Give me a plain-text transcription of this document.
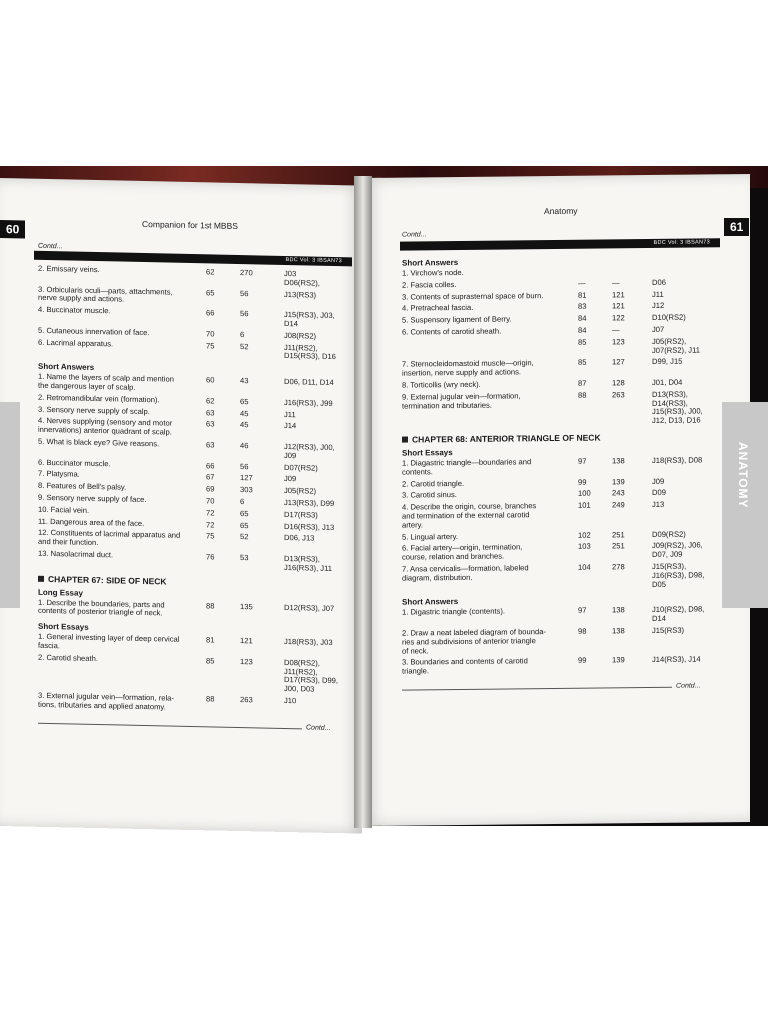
60	Companion for 1st MBBS
Contd...
BDC Vol: 3 IBSAN73
2. Emissary veins.	62	270	J03
D06(RS2),
3. Orbicularis oculi—parts, attachments,
nerve supply and actions.
65	56	J13(RS3)
4. Buccinator muscle.	66	56	J15(RS3), J03,
D14
5. Cutaneous innervation of face.	70	6	J08(RS2)
6. Lacrimal apparatus.	75	52	J11(RS2),
D15(RS3), D16
Short Answers
1. Name the layers of scalp and mention
the dangerous layer of scalp.
60	43	D06, D11, D14
2. Retromandibular vein (formation).	62	65	J16(RS3), J99
3. Sensory nerve supply of scalp.	63	45	J11
4. Nerves supplying (sensory and motor
innervations) anterior quadrant of scalp.
63	45	J14
5. What is black eye? Give reasons.	63	46	J12(RS3), J00,
J09
6. Buccinator muscle.	66	56	D07(RS2)
7. Platysma.	67	127	J09
8. Features of Bell's palsy.	69	303	J05(RS2)
9. Sensory nerve supply of face.	70	6	J13(RS3), D99
10. Facial vein.	72	65	D17(RS3)
11. Dangerous area of the face.	72	65	D16(RS3), J13
12. Constituents of lacrimal apparatus and
and their function.
75	52	D06, J13
13. Nasolacrimal duct.	76	53	D13(RS3),
J16(RS3), J11
CHAPTER 67: SIDE OF NECK
Long Essay
1. Describe the boundaries, parts and
contents of posterior triangle of neck.
88	135	D12(RS3), J07
Short Essays
1. General investing layer of deep cervical
fascia.
81	121	J18(RS3), J03
2. Carotid sheath.	85	123	D08(RS2),
J11(RS2),
D17(RS3), D99,
J00, D03
3. External jugular vein—formation, rela-
tions, tributaries and applied anatomy.
88	263	J10
Contd...
Anatomy
Contd...
BDC Vol: 3 IBSAN73
Short Answers
1. Virchow's node.
2. Fascia colles.	—	—	D06
3. Contents of suprasternal space of burn.	81	121	J11
4. Pretracheal fascia.	83	121	J12
5. Suspensory ligament of Berry.	84	122	D10(RS2)
6. Contents of carotid sheath.	84	—	J07
85	123	J05(RS2),
J07(RS2), J11
7. Sternocleidomastoid muscle—origin,
insertion, nerve supply and actions.
85	127	D99, J15
8. Torticollis (wry neck).	87	128	J01, D04
9. External jugular vein—formation,
termination and tributaries.
88	263	D13(RS3),
D14(RS3),
J15(RS3), J00,
J12, D13, D16
CHAPTER 68: ANTERIOR TRIANGLE OF NECK
Short Essays
1. Diagastric triangle—boundaries and
contents.
97	138	J18(RS3), D08
2. Carotid triangle.	99	139	J09
3. Carotid sinus.	100	243	D09
4. Describe the origin, course, branches
and termination of the external carotid
artery.
101	249	J13
5. Lingual artery.	102	251	D09(RS2)
6. Facial artery—origin, termination,
course, relation and branches.
103	251	J09(RS2), J06,
D07, J09
7. Ansa cervicalis—formation, labeled
diagram, distribution.
104	278	J15(RS3),
J16(RS3), D98,
D05
Short Answers
1. Digastric triangle (contents).	97	138	J10(RS2), D98,
D14
2. Draw a neat labeled diagram of bounda-
ries and subdivisions of anterior triangle
of neck.
98	138	J15(RS3)
3. Boundaries and contents of carotid
triangle.
99	139	J14(RS3), J14
Contd...
61
ANATOMY
